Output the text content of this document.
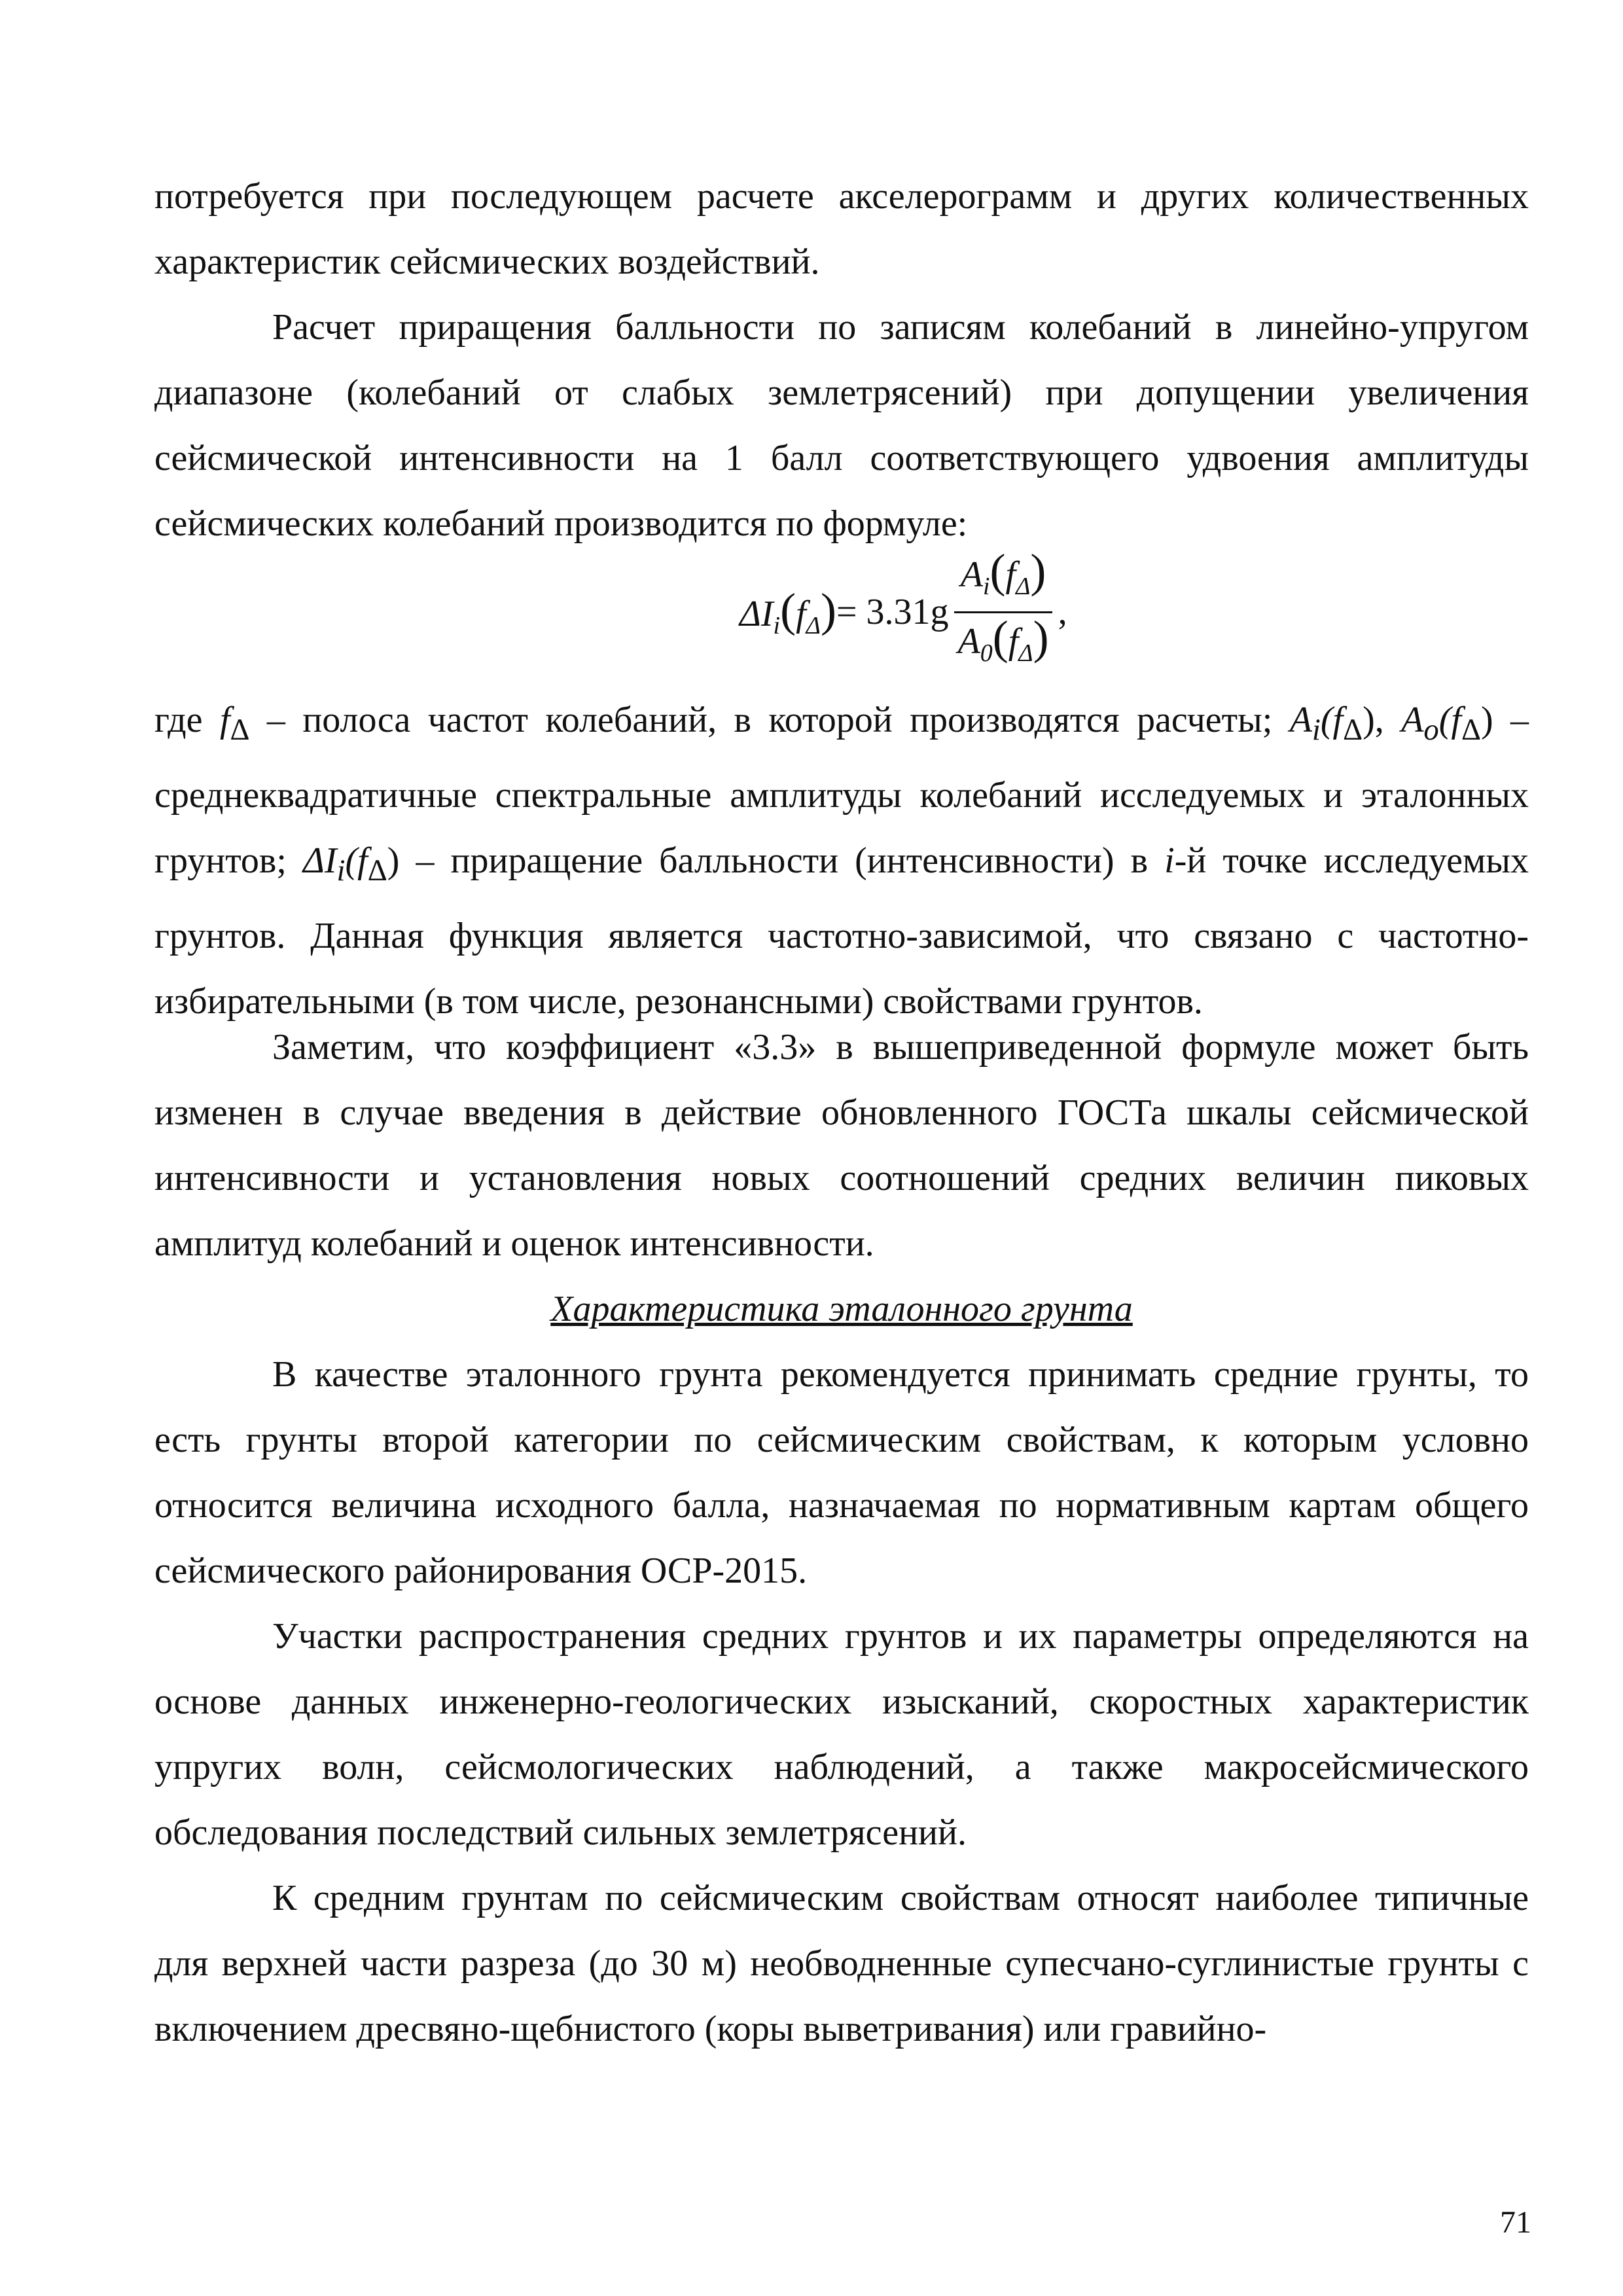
потребуется при последующем расчете акселерограмм и других количественных характеристик сейсмических воздействий.

Расчет приращения балльности по записям колебаний в линейно-упругом диапазоне (колебаний от слабых землетрясений) при допущении увеличения сейсмической интенсивности на 1 балл соответствующего удвоения амплитуды сейсмических колебаний производится по формуле:

$\Delta I_i(f_\Delta) = 3.31g \frac{A_i(f_\Delta)}{A_0(f_\Delta)}$ ,

где $f_\Delta$ – полоса частот колебаний, в которой производятся расчеты; $A_i(f_\Delta)$, $A_o(f_\Delta)$ – среднеквадратичные спектральные амплитуды колебаний исследуемых и эталонных грунтов; $\Delta I_i(f_\Delta)$ – приращение балльности (интенсивности) в i-й точке исследуемых грунтов. Данная функция является частотно-зависимой, что связано с частотно-избирательными (в том числе, резонансными) свойствами грунтов.

Заметим, что коэффициент «3.3» в вышеприведенной формуле может быть изменен в случае введения в действие обновленного ГОСТа шкалы сейсмической интенсивности и установления новых соотношений средних величин пиковых амплитуд колебаний и оценок интенсивности.

Характеристика эталонного грунта

В качестве эталонного грунта рекомендуется принимать средние грунты, то есть грунты второй категории по сейсмическим свойствам, к которым условно относится величина исходного балла, назначаемая по нормативным картам общего сейсмического районирования ОСР-2015.

Участки распространения средних грунтов и их параметры определяются на основе данных инженерно-геологических изысканий, скоростных характеристик упругих волн, сейсмологических наблюдений, а также макросейсмического обследования последствий сильных землетрясений.

К средним грунтам по сейсмическим свойствам относят наиболее типичные для верхней части разреза (до 30 м) необводненные супесчано-суглинистые грунты с включением дресвяно-щебнистого (коры выветривания) или гравийно-

71
